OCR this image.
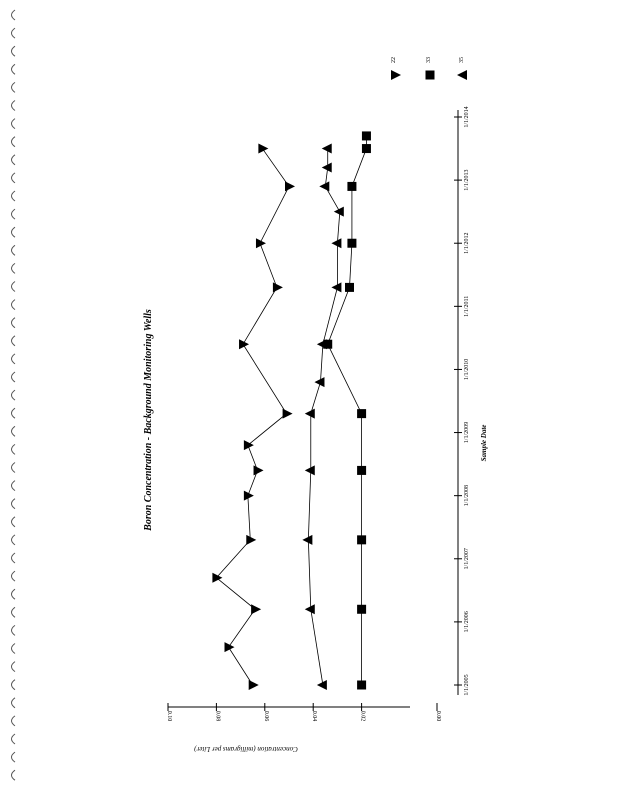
0.00
0.02
0.04
0.06
0.08
0.10
1/1/2005
1/1/2006
1/1/2007
1/1/2008
1/1/2009
1/1/2010
1/1/2011
1/1/2012
1/1/2013
1/1/2014
22	33	35
Boron Concentration - Background Monitoring Wells	Sample Date
Concentration (milligrams per Liter)
